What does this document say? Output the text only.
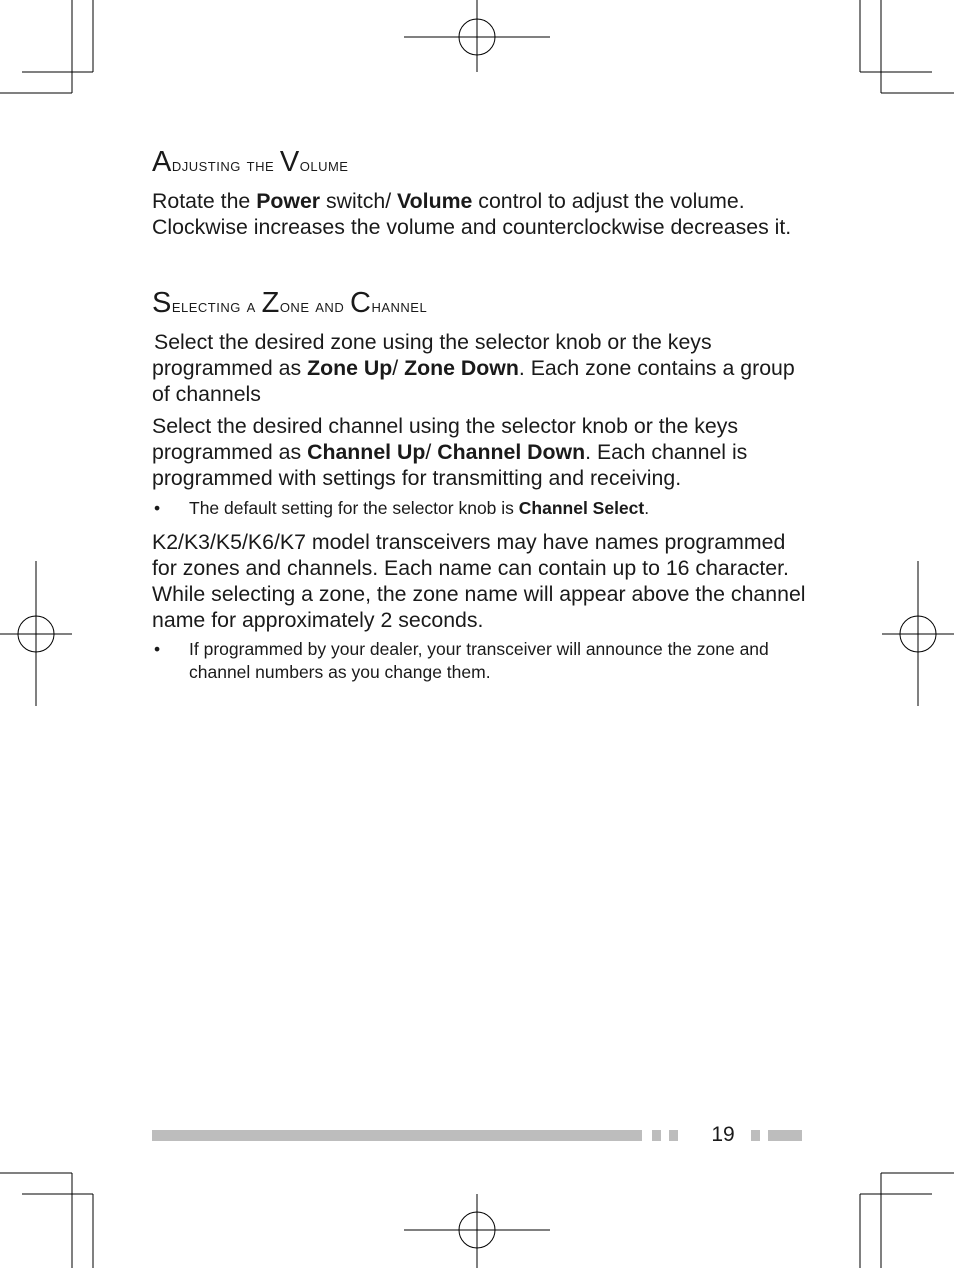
Adjusting the Volume

Rotate the Power switch/ Volume control to adjust the volume. Clockwise increases the volume and counterclockwise decreases it.

Selecting a Zone and Channel

Select the desired zone using the selector knob or the keys programmed as Zone Up/ Zone Down. Each zone contains a group of channels

Select the desired channel using the selector knob or the keys programmed as Channel Up/ Channel Down. Each channel is programmed with settings for transmitting and receiving.

• The default setting for the selector knob is Channel Select.

K2/K3/K5/K6/K7 model transceivers may have names programmed for zones and channels. Each name can contain up to 16 character. While selecting a zone, the zone name will appear above the channel name for approximately 2 seconds.

• If programmed by your dealer, your transceiver will announce the zone and channel numbers as you change them.
19
